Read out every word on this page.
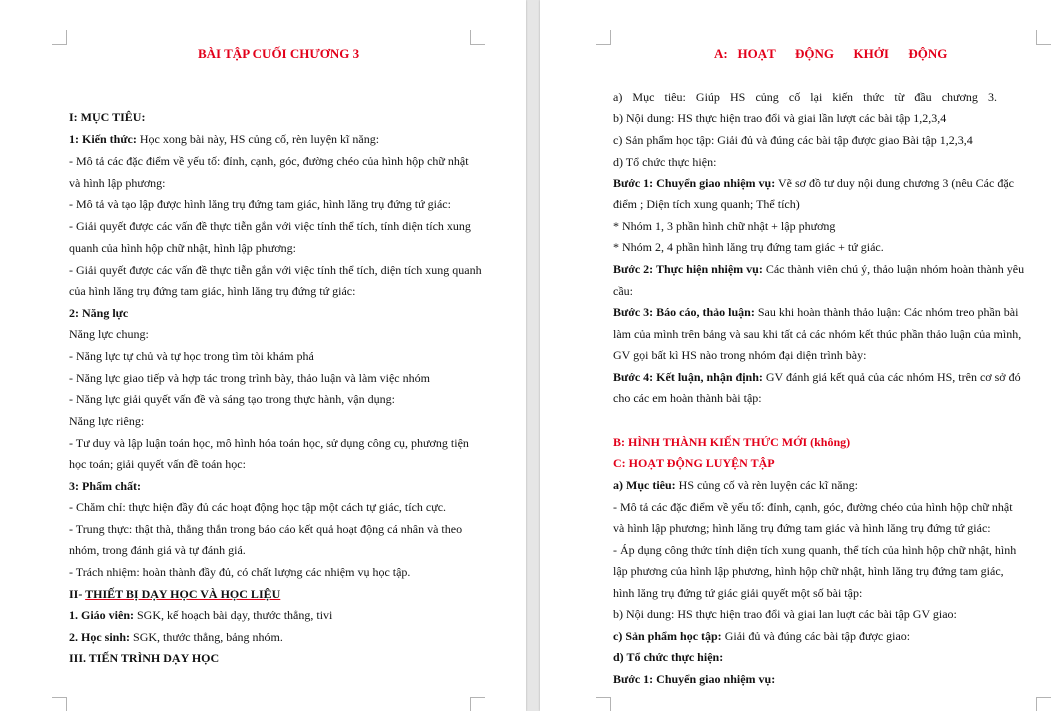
BÀI TẬP CUỐI CHƯƠNG 3
I: MỤC TIÊU:
1: Kiến thức: Học xong bài này, HS củng cố, rèn luyện kĩ năng:
- Mô tả các đặc điểm về yếu tố: đỉnh, cạnh, góc, đường chéo của hình hộp chữ nhật
và hình lập phương:
- Mô tả và tạo lập được hình lăng trụ đứng tam giác, hình lăng trụ đứng tứ giác:
- Giải quyết được các vấn đề thực tiễn gắn với việc tính thể tích, tính diện tích xung
quanh của hình hộp chữ nhật, hình lập phương:
- Giải quyết được các vấn đề thực tiễn gắn với việc tính thể tích, diện tích xung quanh
của hình lăng trụ đứng tam giác, hình lăng trụ đứng tứ giác:
2: Năng lực
Năng lực chung:
- Năng lực tự chủ và tự học trong tìm tòi khám phá
- Năng lực giao tiếp và hợp tác trong trình bày, thảo luận và làm việc nhóm
- Năng lực giải quyết vấn đề và sáng tạo trong thực hành, vận dụng:
Năng lực riêng:
- Tư duy và lập luận toán học, mô hình hóa toán học, sử dụng công cụ, phương tiện
học toán; giải quyết vấn đề toán học:
3: Phẩm chất:
- Chăm chỉ: thực hiện đầy đủ các hoạt động học tập một cách tự giác, tích cực.
- Trung thực: thật thà, thẳng thắn trong báo cáo kết quả hoạt động cá nhân và theo
nhóm, trong đánh giá và tự đánh giá.
- Trách nhiệm: hoàn thành đầy đủ, có chất lượng các nhiệm vụ học tập.
II- THIẾT BỊ DẠY HỌC VÀ HỌC LIỆU
1. Giáo viên: SGK, kế hoạch bài dạy, thước thẳng, tivi
2. Học sinh: SGK, thước thẳng, bảng nhóm.
III. TIẾN TRÌNH DẠY HỌC
A:   HOẠT      ĐỘNG      KHỞI      ĐỘNG
a) Mục tiêu: Giúp HS củng cố lại kiến thức từ đầu chương 3.
b) Nội dung: HS thực hiện trao đổi và giai lần lượt các bài tập 1,2,3,4
c) Sản phẩm học tập: Giải đủ và đúng các bài tập được giao Bài tập 1,2,3,4
d) Tổ chức thực hiện:
Bước 1: Chuyển giao nhiệm vụ: Vẽ sơ đồ tư duy nội dung chương 3 (nêu Các đặc
điểm ; Diện tích xung quanh; Thể tích)
* Nhóm 1, 3 phần hình chữ nhật + lập phương
* Nhóm 2, 4 phần hình lăng trụ đứng tam giác + tứ giác.
Bước 2: Thực hiện nhiệm vụ: Các thành viên chú ý, thảo luận nhóm hoàn thành yêu
cầu:
Bước 3: Báo cáo, thảo luận: Sau khi hoàn thành thảo luận: Các nhóm treo phần bài
làm của mình trên bảng và sau khi tất cả các nhóm kết thúc phần thảo luận của mình,
GV gọi bất kì HS nào trong nhóm đại diện trình bày:
Bước 4: Kết luận, nhận định: GV đánh giá kết quả của các nhóm HS, trên cơ sở đó
cho các em hoàn thành bài tập:
B: HÌNH THÀNH KIẾN THỨC MỚI (không)
C: HOẠT ĐỘNG LUYỆN TẬP
a) Mục tiêu: HS củng cố và rèn luyện các kĩ năng:
- Mô tả các đặc điểm về yếu tố: đỉnh, cạnh, góc, đường chéo của hình hộp chữ nhật
và hình lập phương; hình lăng trụ đứng tam giác và hình lăng trụ đứng tứ giác:
- Áp dụng công thức tính diện tích xung quanh, thể tích của hình hộp chữ nhật, hình
lập phương của hình lập phương, hình hộp chữ nhật, hình lăng trụ đứng tam giác,
hình lăng trụ đứng tứ giác giải quyết một số bài tập:
b) Nội dung: HS thực hiện trao đổi và giai lan luợt các bài tập GV giao:
c) Sản phẩm học tập: Giải đủ và đúng các bài tập được giao:
d) Tổ chức thực hiện:
Bước 1: Chuyển giao nhiệm vụ:
